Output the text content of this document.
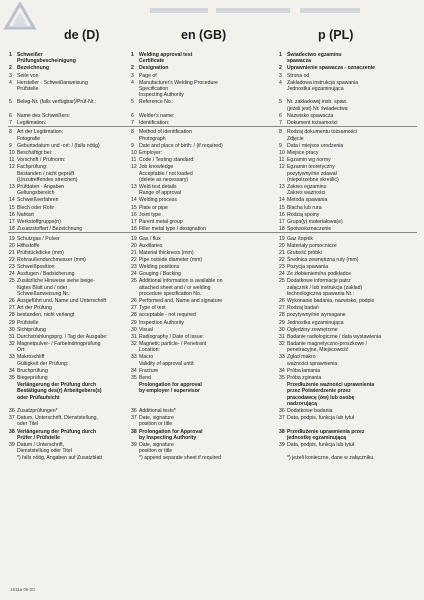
de (D)	en (GB)	p (PL)
1 Schweißer
Prüfungsbescheinigung
1 Welding approval test
Certificate
1 Świadectwo egzaminu
spawacza
2 Bezeichnung	2 Designation	2 Uprawnienie spawacza - oznaczenie
3 Seite von	3 Page of	3 Strona od
4 Hersteller - Schweißanweisung
Prüfstelle
4 Manufacturer's Welding Procedure
Specification
Inspecting Authority
4 Zakładowa instrukcja spawania
Jednostka egzaminująca
5 Beleg-Nr. (falls verfügbar)/Prüf-Nr.:	5 Reference No.:	5 Nr. zakładowej instr. spaw.
(jeżeli jest) Nr. świadectwa
6 Name des Schweißers:	6 Welder's name:	6 Nazwisko spawacza
7 Legitimation:	7 Identification:	7 Dokument tożsamości
8 Art der Legitimation:
Fotografie
8 Method of identification
Photograph
8 Rodzaj dokumentu tożsamości
Zdjęcie
9 Geburtsdatum und -ort: / (falls nötig)	9 Date and place of birth: / (if required)	9 Data i miejsce urodzenia
10 Beschäftigt bei:	10 Employer:	10 Miejsce pracy
11 Vorschrift / Prüfnorm:	11 Code / Testing standard:	11 Egzamin wg normy
12 Fachprüfung:
Bestanden / nicht geprüft
(Unzutreffendes streichen)
12 Job knowledge
Acceptable / not loaded
(delete as necessary)
12 Egzamin teoretyczny
pozytywny/nie zdawał
(niepotrzebne skreślić)
13 Prüfdaten - Angaben
Geltungsbereich
13 Weld test details
Range of approval
13 Zakres egzaminu
Zakres ważności
14 Schweißverfahren	14 Welding process	14 Metoda spawania
15 Blech oder Rohr	15 Plate or pipe	15 Blacha lub rura
16 Nahtart	16 Joint type	16 Rodzaj spoiny
17 Werkstoffgruppe(n)	17 Parent metal group	17 Grupa(y) materiałowa(e)
18 Zusatzstoffart / Bezeichnung	18 Filler metal type / designation	18 Spoiwo/oznaczenie
19 Schutzgas / Pulver	19 Gas / flux	19 Gaz /topnik
20 Hilfsstoffe	20 Auxiliaries	20 Materiały pomocnicze
21 Prüfstückdicke (mm)	21 Material thickness (mm)	21 Grubość próbki
22 Rohraußendurchmesser (mm)	22 Pipe outside diameter (mm)	22 Średnica zewnętrzna ruty (mm)
23 Schweißposition	23 Welding positions	23 Pozycja spawania
24 Ausfugen / Badsicherung	24 Gouging / Backing	24 Ze żłobieniem/na podkładce
25 Zusätzliche Hinweise siehe beige-
fügtes Blatt und / oder
Schweißanweisung Nr.:
25 Additional information is available on
attached sheet and / or welding
procedure specification No.:
25 Dodatkowe informacje patrz
załącznik / lub instrukcja (zakład)
technologiczna spawania Nr.:
26 Ausgeführt und, Name und Unterschrift	26 Performed and, Name and signature	26 Wykonanie badania, nazwisko, podpis
27 Art der Prüfung	27 Type of test	27 Rodzaj badań
28 bestanden, nicht verlangt	28 acceptable - not required	28 pozytywny/nie wymagane
29 Prüfstelle	29 Inspection Authority	29 Jednostka egzaminująca
30 Sichtprüfung	30 Visual	30 Oględziny zewnętrzne
31 Durchstrahlungsprg. / Tag der Ausgabe:	31 Radiography / Date of issue:	31 Badanie radiologiczne / data wystawienia
32 Magnetpulver- / Farbeindringprüfung
Ort:
32 Magnetic particle- / Penetrant
Location:
32 Badanie magnetyczno-proszkowe /
penetracyjne, Miejscowość
33 Makroschliff
Gültigkeit der Prüfung:
33 Macro
Validity of approval until:
33 Zgład makro
ważności uprawnienia
34 Bruchprüfung	34 Fracture	34 Próba łamania
35 Biegeprüfung	35 Bend	35 Próba zginania
Verlängerung der Prüfung durch
Bestätigung des(r) Arbeitgebers(s)
oder Prüfaufsicht
Prolongation for approval
by employer / supervisor
Przedłużenie ważności uprawnienia
przez Potwierdzenie przez
pracodawcę (ów) lub osobę
nadzorującą
36 Zusatzprüfungen*	36 Additional tests*	36 Dodatkowe badania
37 Datum, Unterschrift, Dienststellung,
oder Titel
37 Date, signature
position or title
37 Data, podpis, funkcja lub tytuł
38 Verlängerung der Prüfung durch
Prüfer / Prüfstelle
38 Prolongation for Approval
by Inspecting Authority
38 Przedłużenie uprawnienia przez
jednostkę egzaminującą
39 Datum / Unterschrift,
Dienststellung oder Titel
39 Date, signature
position or title
39 Data, podpis, funkcja lub tytuł
*) falls nötig, Angaben auf Zusatzblatt	*) append separate sheet if required	*) jeżeli konieczne, dane w załączniku.
1511a 06.00
